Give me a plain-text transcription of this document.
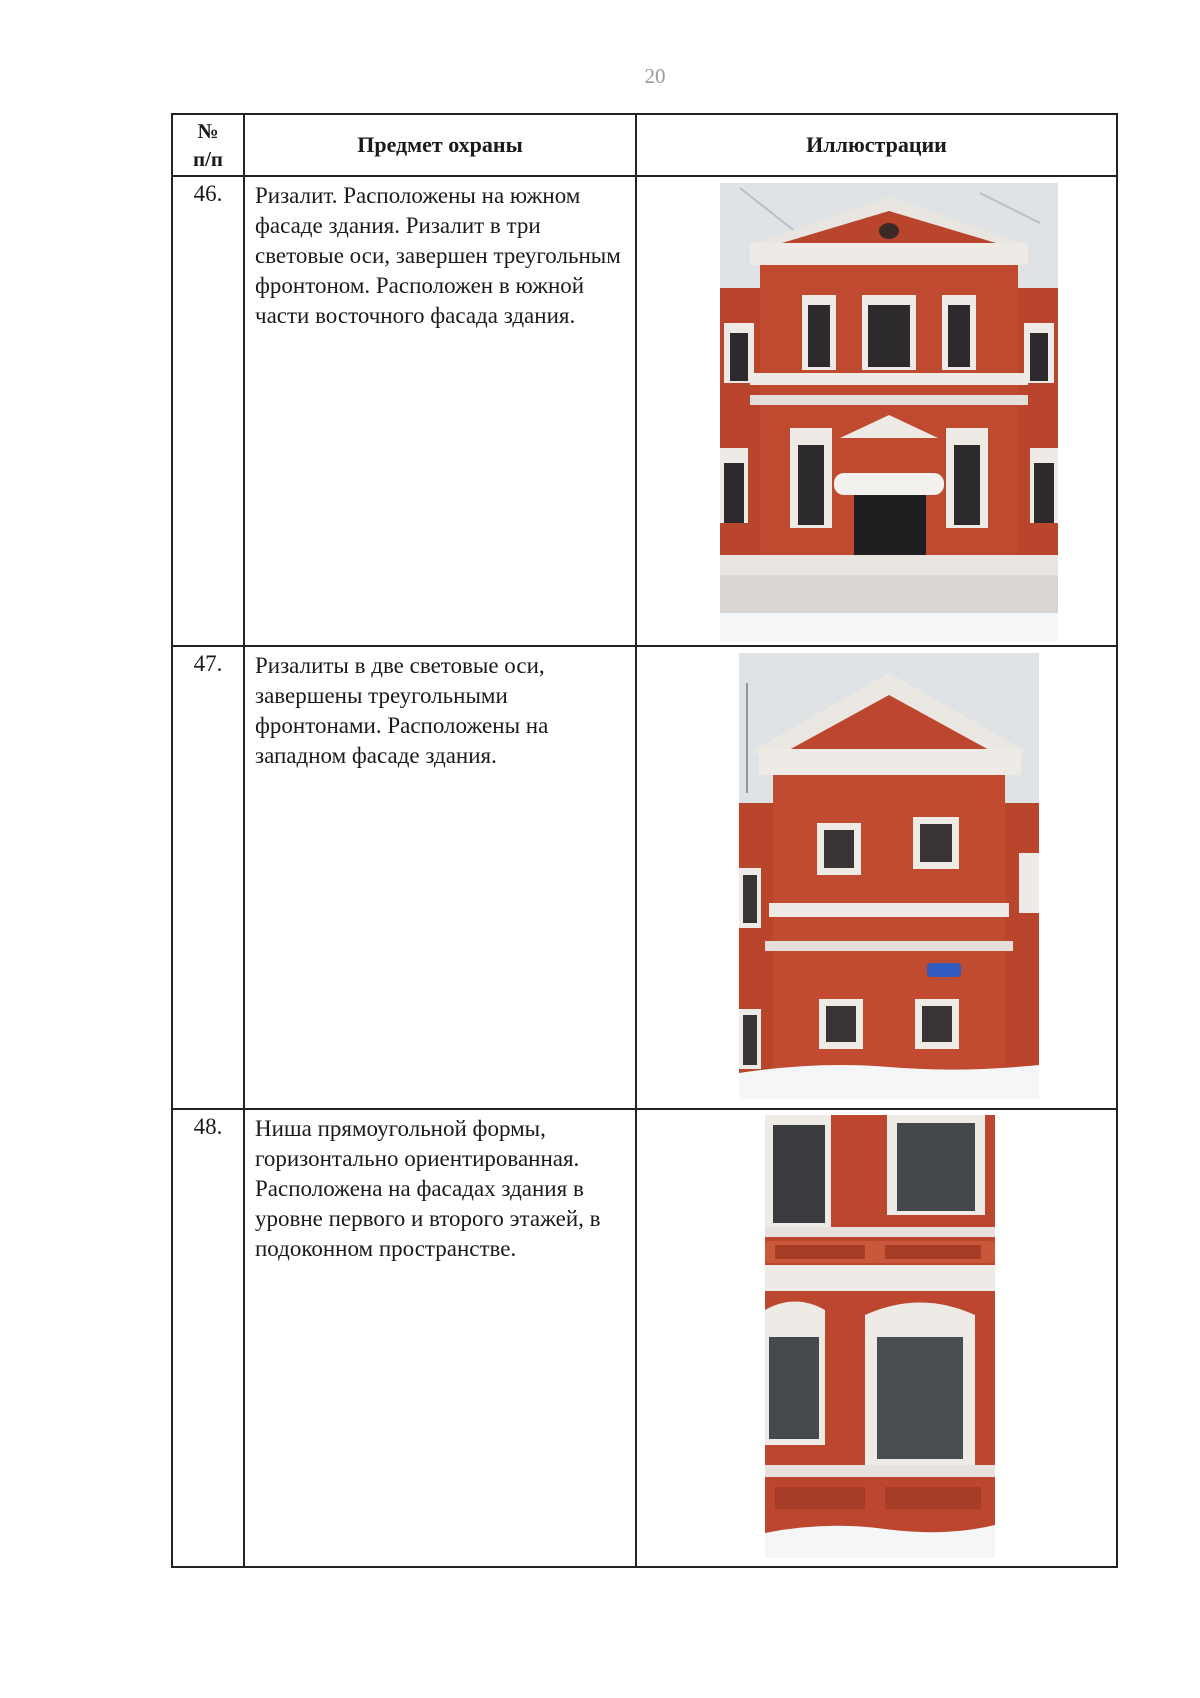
20
№
п/п	Предмет охраны	Иллюстрации
46.	Ризалит. Расположены на южном фасаде здания. Ризалит в три световые оси, завершен треугольным фронтоном. Расположен в южной части восточного фасада здания.	

47.	Ризалиты в две световые оси, завершены треугольными фронтонами. Расположены на западном фасаде здания.	

48.	Ниша прямоугольной формы, горизонтально ориентированная. Расположена на фасадах здания в уровне первого и второго этажей, в подоконном пространстве.	
